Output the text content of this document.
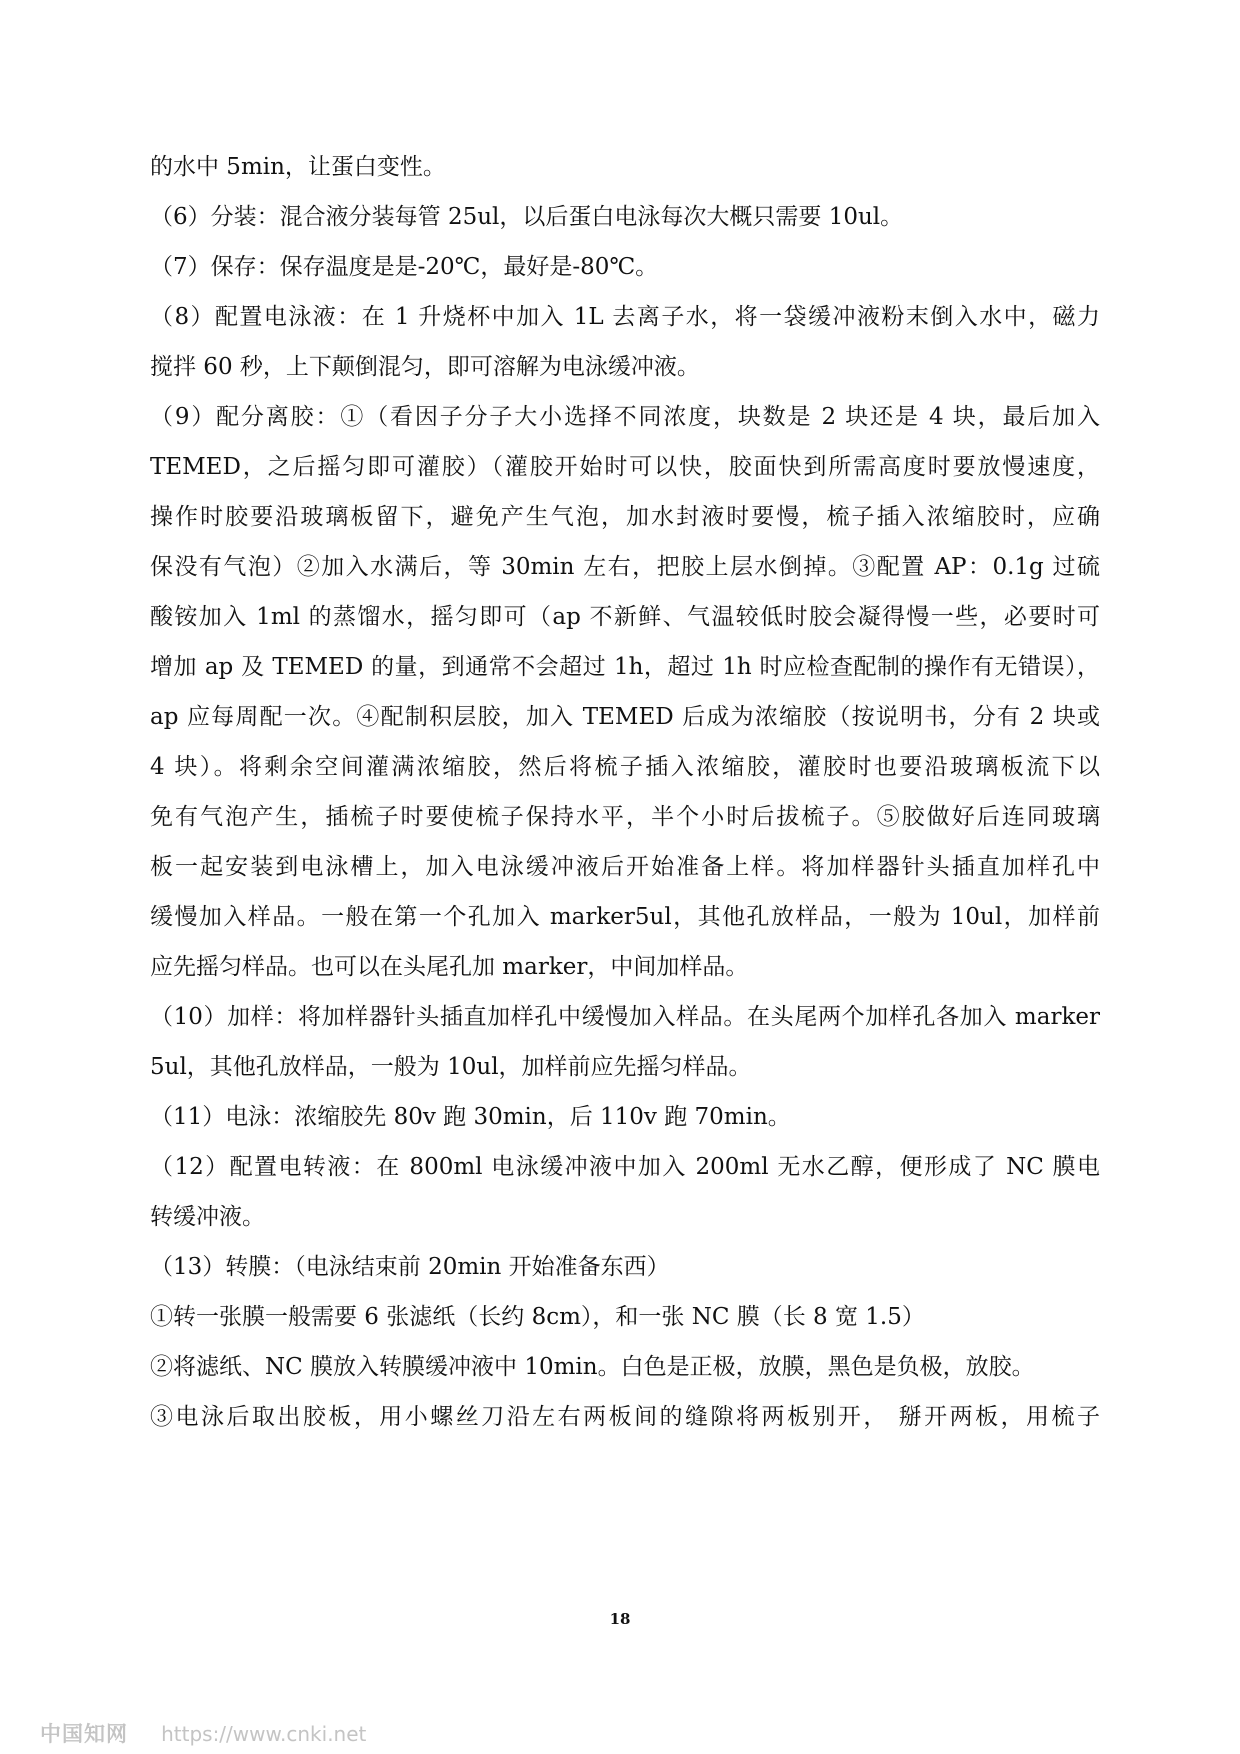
的水中 5min，让蛋白变性。
（6）分装：混合液分装每管 25ul，以后蛋白电泳每次大概只需要 10ul。
（7）保存：保存温度是是-20℃，最好是-80℃。
（8）配置电泳液：在 1 升烧杯中加入 1L 去离子水，将一袋缓冲液粉末倒入水中，磁力
搅拌 60 秒，上下颠倒混匀，即可溶解为电泳缓冲液。
（9）配分离胶：①（看因子分子大小选择不同浓度，块数是 2 块还是 4 块，最后加入
TEMED，之后摇匀即可灌胶）（灌胶开始时可以快，胶面快到所需高度时要放慢速度，
操作时胶要沿玻璃板留下，避免产生气泡，加水封液时要慢，梳子插入浓缩胶时，应确
保没有气泡）②加入水满后，等 30min 左右，把胶上层水倒掉。③配置 AP：0.1g 过硫
酸铵加入 1ml 的蒸馏水，摇匀即可（ap 不新鲜、气温较低时胶会凝得慢一些，必要时可
增加 ap 及 TEMED 的量，到通常不会超过 1h，超过 1h 时应检查配制的操作有无错误），
ap 应每周配一次。④配制积层胶，加入 TEMED 后成为浓缩胶（按说明书，分有 2 块或
4 块）。将剩余空间灌满浓缩胶，然后将梳子插入浓缩胶，灌胶时也要沿玻璃板流下以
免有气泡产生，插梳子时要使梳子保持水平，半个小时后拔梳子。⑤胶做好后连同玻璃
板一起安装到电泳槽上，加入电泳缓冲液后开始准备上样。将加样器针头插直加样孔中
缓慢加入样品。一般在第一个孔加入 marker5ul，其他孔放样品，一般为 10ul，加样前
应先摇匀样品。也可以在头尾孔加 marker，中间加样品。
（10）加样：将加样器针头插直加样孔中缓慢加入样品。在头尾两个加样孔各加入 marker
5ul，其他孔放样品，一般为 10ul，加样前应先摇匀样品。
（11）电泳：浓缩胶先 80v 跑 30min，后 110v 跑 70min。
（12）配置电转液：在 800ml 电泳缓冲液中加入 200ml 无水乙醇，便形成了 NC 膜电
转缓冲液。
（13）转膜：（电泳结束前 20min 开始准备东西）
①转一张膜一般需要 6 张滤纸（长约 8cm），和一张 NC 膜（长 8 宽 1.5）
②将滤纸、NC 膜放入转膜缓冲液中 10min。白色是正极，放膜，黑色是负极，放胶。
③电泳后取出胶板，用小螺丝刀沿左右两板间的缝隙将两板别开， 掰开两板，用梳子
18
中国知网 https://www.cnki.net
